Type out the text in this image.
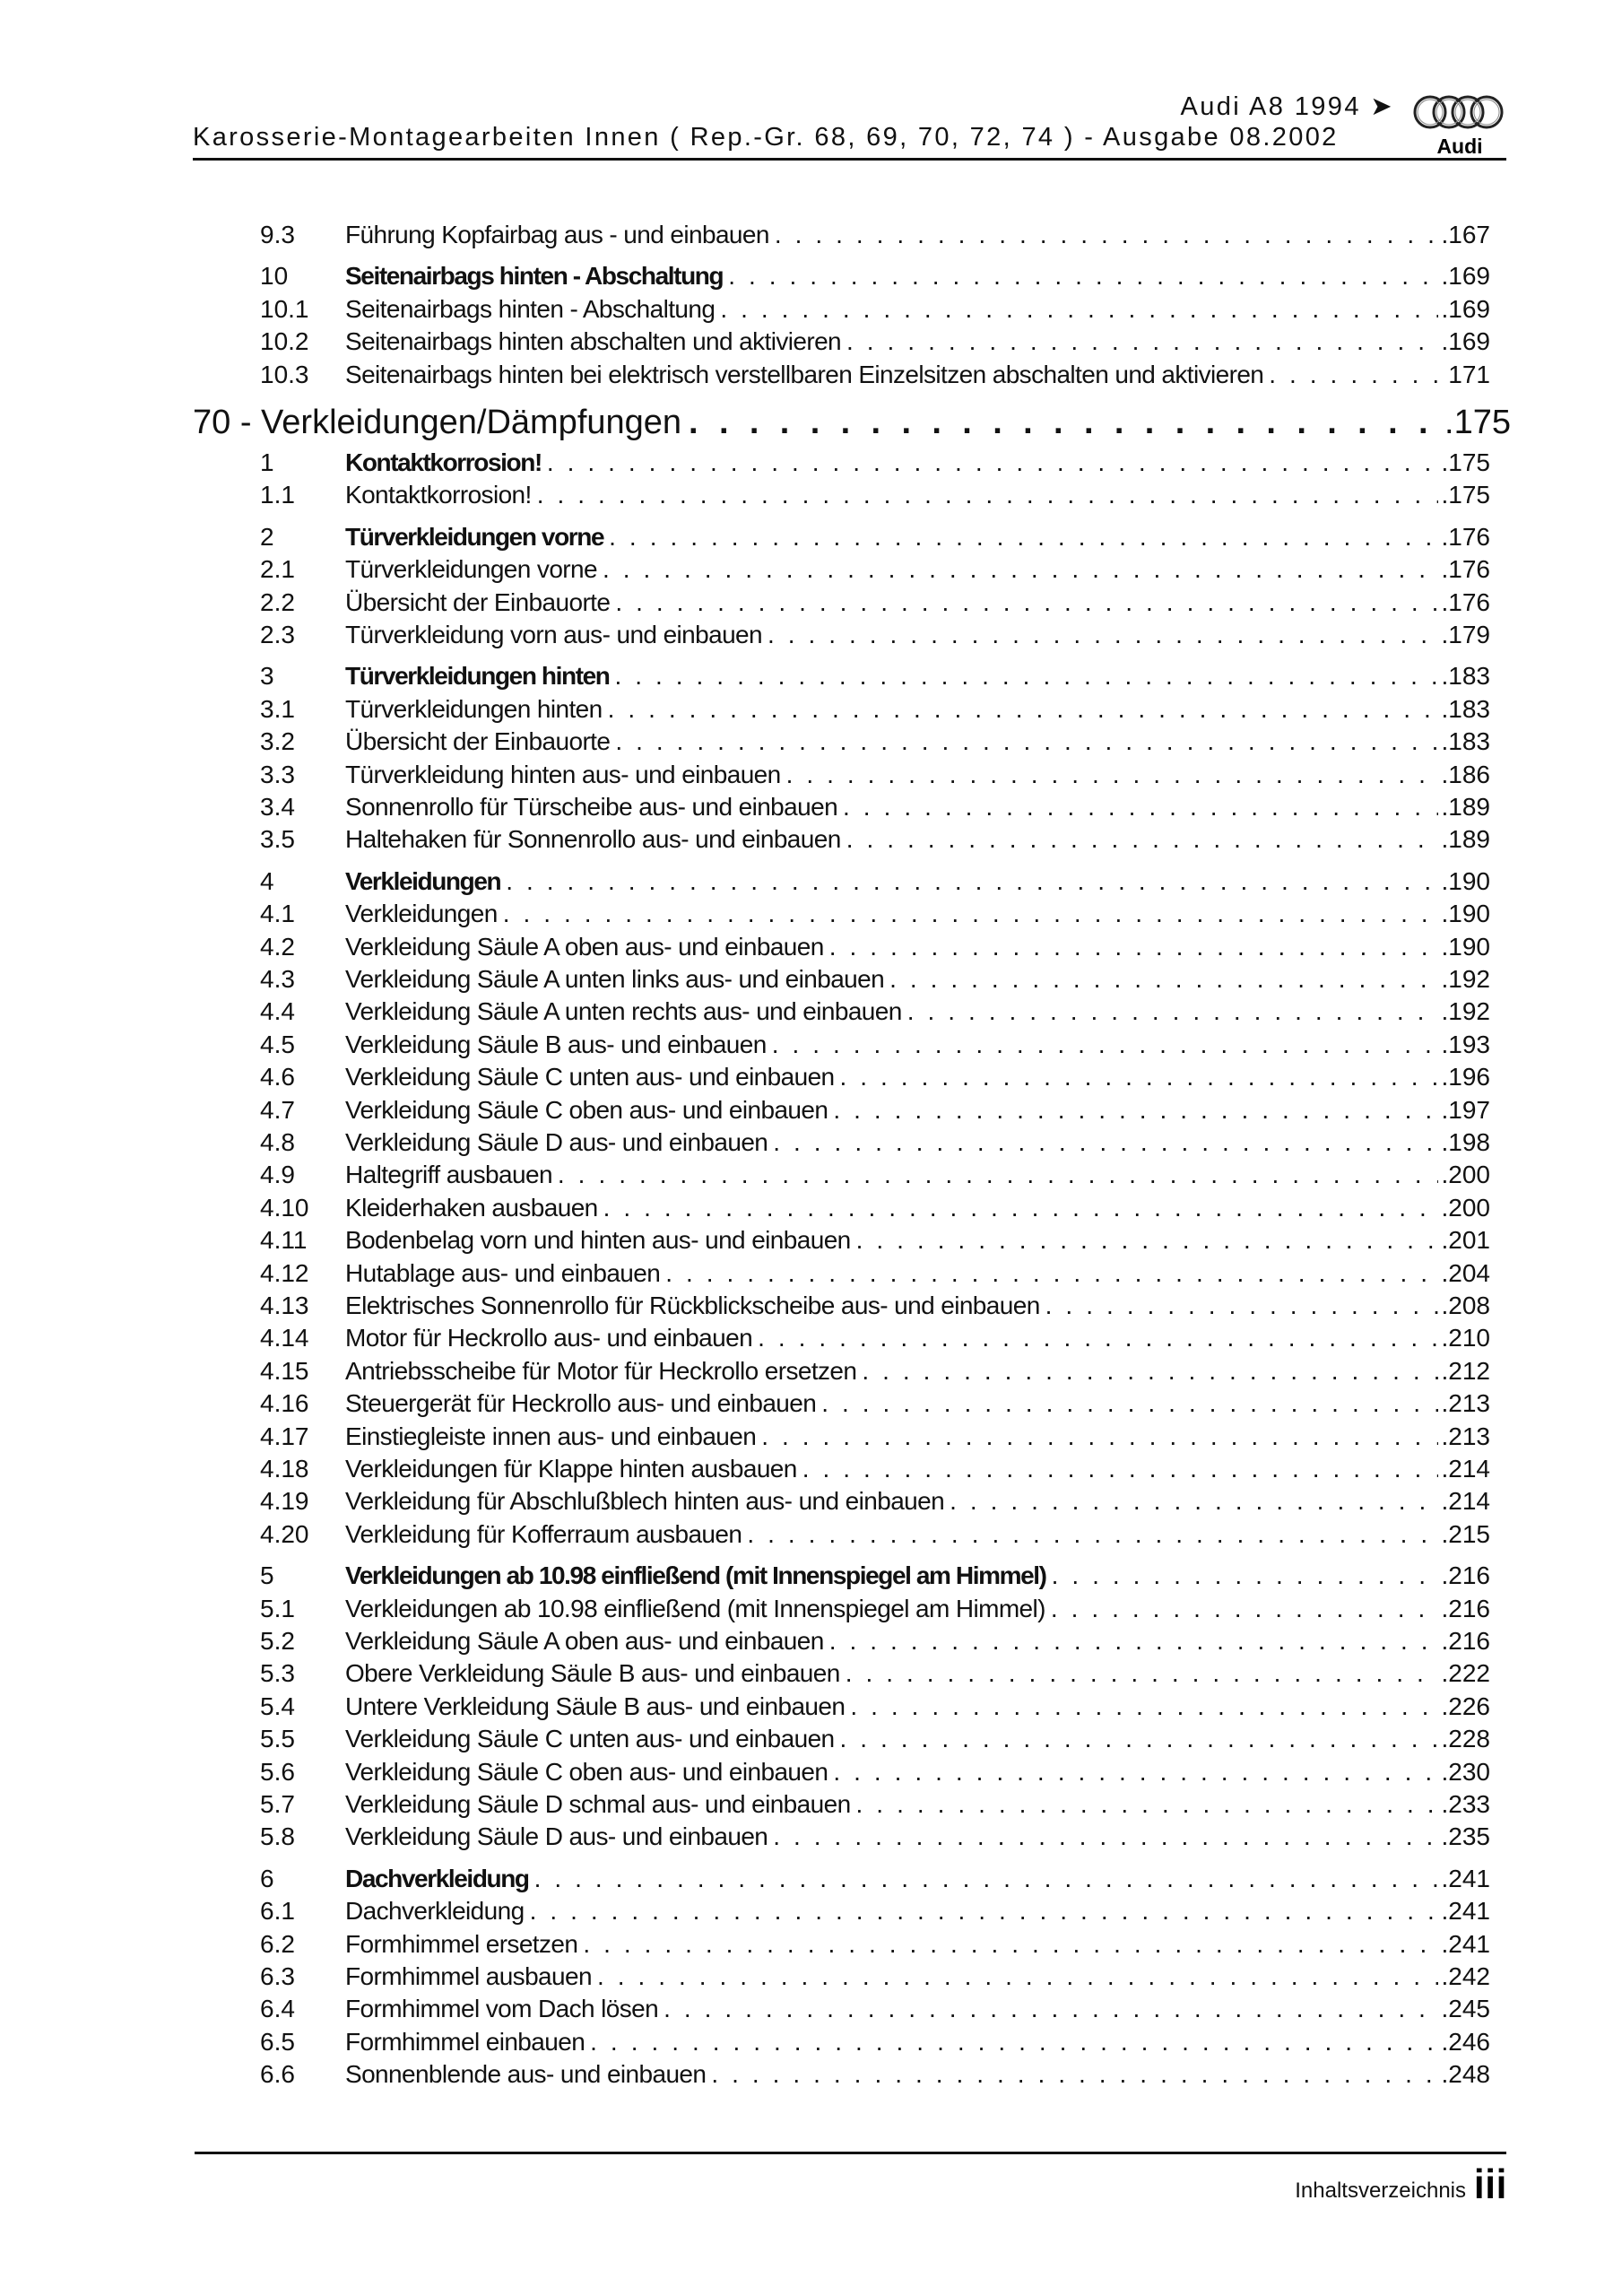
Audi A8 1994 ➤
Karosserie-Montagearbeiten Innen ( Rep.-Gr. 68, 69, 70, 72, 74 ) - Ausgabe 08.2002	Audi
9.3	Führung Kopfairbag aus - und einbauen . . .	.167
10	Seitenairbags hinten - Abschaltung . . .	.169
10.1	Seitenairbags hinten - Abschaltung . . .	.169
10.2	Seitenairbags hinten abschalten und aktivieren . . .	.169
10.3	Seitenairbags hinten bei elektrisch verstellbaren Einzelsitzen abschalten und aktivieren . . .	171
70 - Verkleidungen/Dämpfungen . . .	.175
1	Kontaktkorrosion! . . .	.175
1.1	Kontaktkorrosion! . . .	.175
2	Türverkleidungen vorne . . .	.176
2.1	Türverkleidungen vorne . . .	.176
2.2	Übersicht der Einbauorte . . .	.176
2.3	Türverkleidung vorn aus- und einbauen . . .	.179
3	Türverkleidungen hinten . . .	.183
3.1	Türverkleidungen hinten . . .	.183
3.2	Übersicht der Einbauorte . . .	.183
3.3	Türverkleidung hinten aus- und einbauen . . .	.186
3.4	Sonnenrollo für Türscheibe aus- und einbauen . . .	.189
3.5	Haltehaken für Sonnenrollo aus- und einbauen . . .	.189
4	Verkleidungen . . .	.190
4.1	Verkleidungen . . .	.190
4.2	Verkleidung Säule A oben aus- und einbauen . . .	.190
4.3	Verkleidung Säule A unten links aus- und einbauen . . .	.192
4.4	Verkleidung Säule A unten rechts aus- und einbauen . . .	.192
4.5	Verkleidung Säule B aus- und einbauen . . .	.193
4.6	Verkleidung Säule C unten aus- und einbauen . . .	.196
4.7	Verkleidung Säule C oben aus- und einbauen . . .	.197
4.8	Verkleidung Säule D aus- und einbauen . . .	.198
4.9	Haltegriff ausbauen . . .	.200
4.10	Kleiderhaken ausbauen . . .	.200
4.11	Bodenbelag vorn und hinten aus- und einbauen . . .	.201
4.12	Hutablage aus- und einbauen . . .	.204
4.13	Elektrisches Sonnenrollo für Rückblickscheibe aus- und einbauen . . .	.208
4.14	Motor für Heckrollo aus- und einbauen . . .	.210
4.15	Antriebsscheibe für Motor für Heckrollo ersetzen . . .	.212
4.16	Steuergerät für Heckrollo aus- und einbauen . . .	.213
4.17	Einstiegleiste innen aus- und einbauen . . .	.213
4.18	Verkleidungen für Klappe hinten ausbauen . . .	.214
4.19	Verkleidung für Abschlußblech hinten aus- und einbauen . . .	.214
4.20	Verkleidung für Kofferraum ausbauen . . .	.215
5	Verkleidungen ab 10.98 einfließend (mit Innenspiegel am Himmel) . . .	.216
5.1	Verkleidungen ab 10.98 einfließend (mit Innenspiegel am Himmel) . . .	.216
5.2	Verkleidung Säule A oben aus- und einbauen . . .	.216
5.3	Obere Verkleidung Säule B aus- und einbauen . . .	.222
5.4	Untere Verkleidung Säule B aus- und einbauen . . .	.226
5.5	Verkleidung Säule C unten aus- und einbauen . . .	.228
5.6	Verkleidung Säule C oben aus- und einbauen . . .	.230
5.7	Verkleidung Säule D schmal aus- und einbauen . . .	.233
5.8	Verkleidung Säule D aus- und einbauen . . .	.235
6	Dachverkleidung . . .	.241
6.1	Dachverkleidung . . .	.241
6.2	Formhimmel ersetzen . . .	.241
6.3	Formhimmel ausbauen . . .	.242
6.4	Formhimmel vom Dach lösen . . .	.245
6.5	Formhimmel einbauen . . .	.246
6.6	Sonnenblende aus- und einbauen . . .	.248
Inhaltsverzeichnis iii
